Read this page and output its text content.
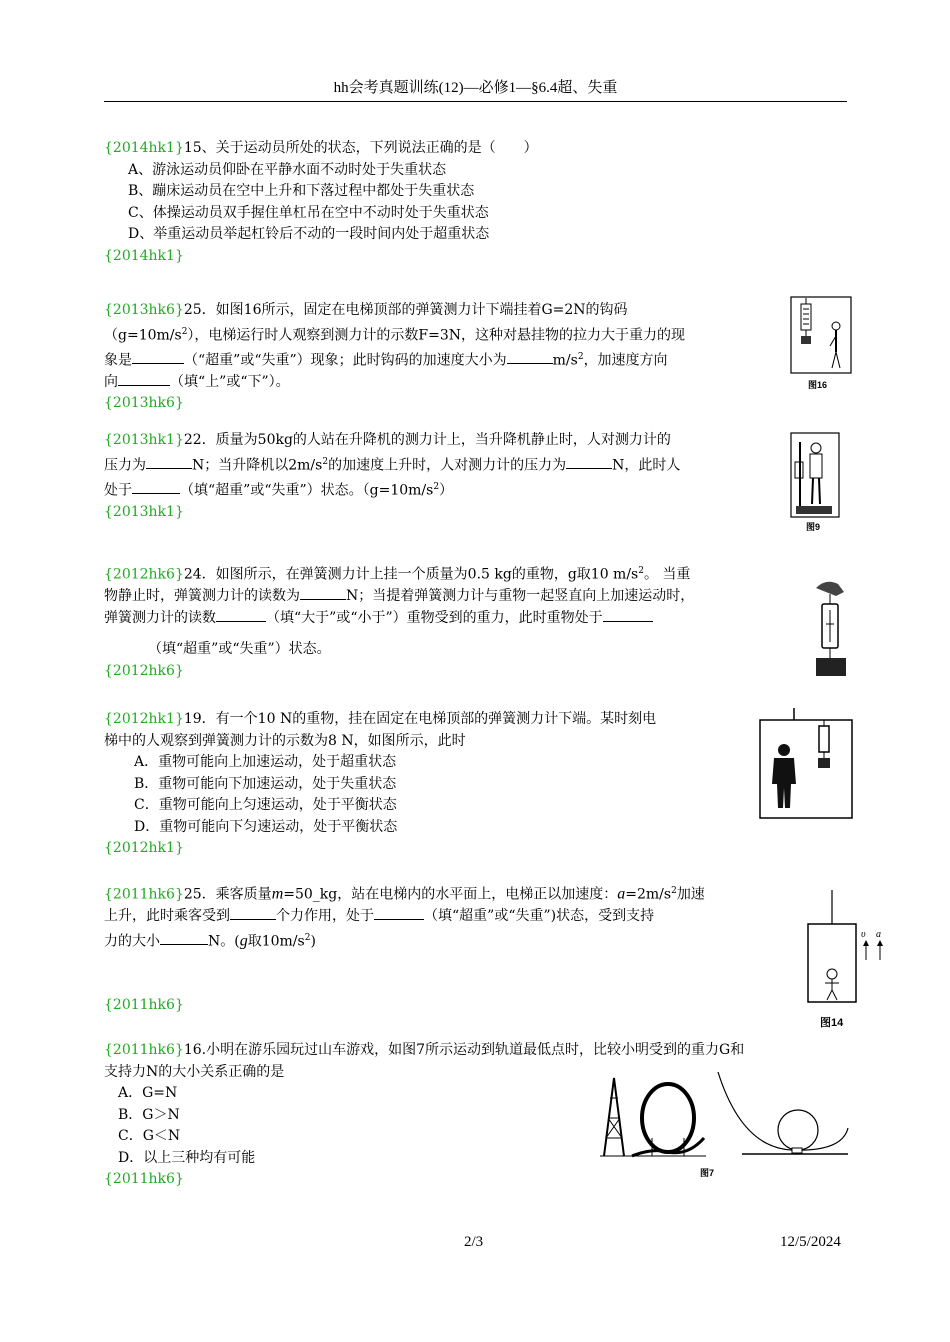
hh会考真题训练(12)—必修1—§6.4超、失重
{2014hk1}15、关于运动员所处的状态，下列说法正确的是（　　）
A、游泳运动员仰卧在平静水面不动时处于失重状态
B、蹦床运动员在空中上升和下落过程中都处于失重状态
C、体操运动员双手握住单杠吊在空中不动时处于失重状态
D、举重运动员举起杠铃后不动的一段时间内处于超重状态
{2014hk1}
{2013hk6}25．如图16所示，固定在电梯顶部的弹簧测力计下端挂着G=2N的钩码
$(g=10m/s^2)$，电梯运行时人观察到测力计的示数F=3N，这种对悬挂物的拉力大于重力的现
象是	（“超重”或“失重”）现象；此时钩码的加速度大小为	$m/s^2$，加速度方向
向	（填“上”或“下”）。
{2013hk6}
图16
{2013hk1}22．质量为50kg的人站在升降机的测力计上，当升降机静止时，人对测力计的
压力为	N；当升降机以$2m/s^2$的加速度上升时，人对测力计的压力为	N，此时人
处于	（填“超重”或“失重”）状态。$(g=10m/s^2)$
{2013hk1}
图9
{2012hk6}24．如图所示，在弹簧测力计上挂一个质量为0.5 kg的重物，g取10 $m/s^2$。 当重
物静止时，弹簧测力计的读数为	N；当提着弹簧测力计与重物一起竖直向上加速运动时，
弹簧测力计的读数	（填“大于”或“小于”）重物受到的重力，此时重物处于
（填“超重”或“失重”）状态。
{2012hk6}
{2012hk1}19．有一个10 N的重物，挂在固定在电梯顶部的弹簧测力计下端。某时刻电
梯中的人观察到弹簧测力计的示数为8 N，如图所示，此时
A．重物可能向上加速运动，处于超重状态
B．重物可能向下加速运动，处于失重状态
C．重物可能向上匀速运动，处于平衡状态
D．重物可能向下匀速运动，处于平衡状态
{2012hk1}
{2011hk6}25．乘客质量m=50_kg，站在电梯内的水平面上，电梯正以加速度：$a=2m/s^2$加速
上升，此时乘客受到	个力作用，处于	（填“超重”或“失重”)状态，受到支持
力的大小	N。(g取$10m/s^2$)
{2011hk6}
υ a
图14
{2011hk6}16.小明在游乐园玩过山车游戏，如图7所示运动到轨道最低点时，比较小明受到的重力G和
支持力N的大小关系正确的是
A．G=N
B．G＞N
C．G＜N
D．以上三种均有可能
{2011hk6}	图7
2/3	12/5/2024
